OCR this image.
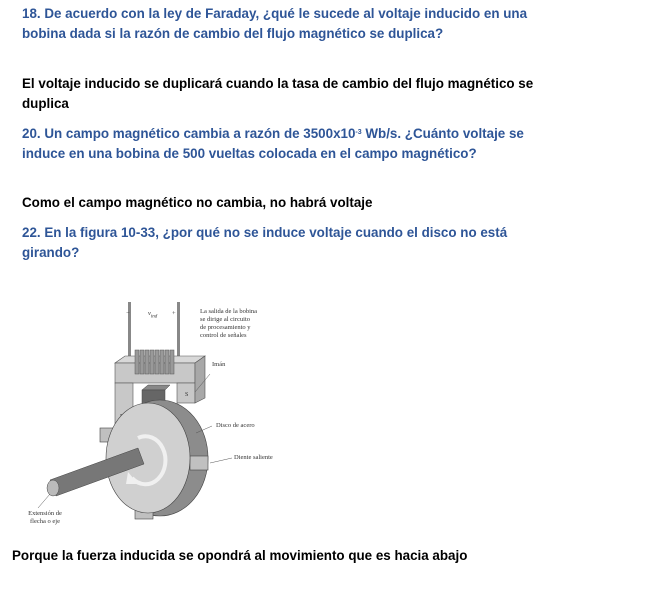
18. De acuerdo con la ley de Faraday, ¿qué le sucede al voltaje inducido en una bobina dada si la razón de cambio del flujo magnético se duplica?

El voltaje inducido se duplicará cuando la tasa de cambio del flujo magnético se duplica

20. Un campo magnético cambia a razón de $3500x10^{-3}$ Wb/s. ¿Cuánto voltaje se induce en una bobina de 500 vueltas colocada en el campo magnético?

Como el campo magnético no cambia, no habrá voltaje

22. En la figura 10-33, ¿por qué no se induce voltaje cuando el disco no está girando?

S
−	$v_{ind}$ +	La salida de la bobina
se dirige al circuito
de procesamiento y
control de señales
Imán
Disco de acero
Diente saliente
Extensión de
flecha o eje

Porque la fuerza inducida se opondrá al movimiento que es hacia abajo
